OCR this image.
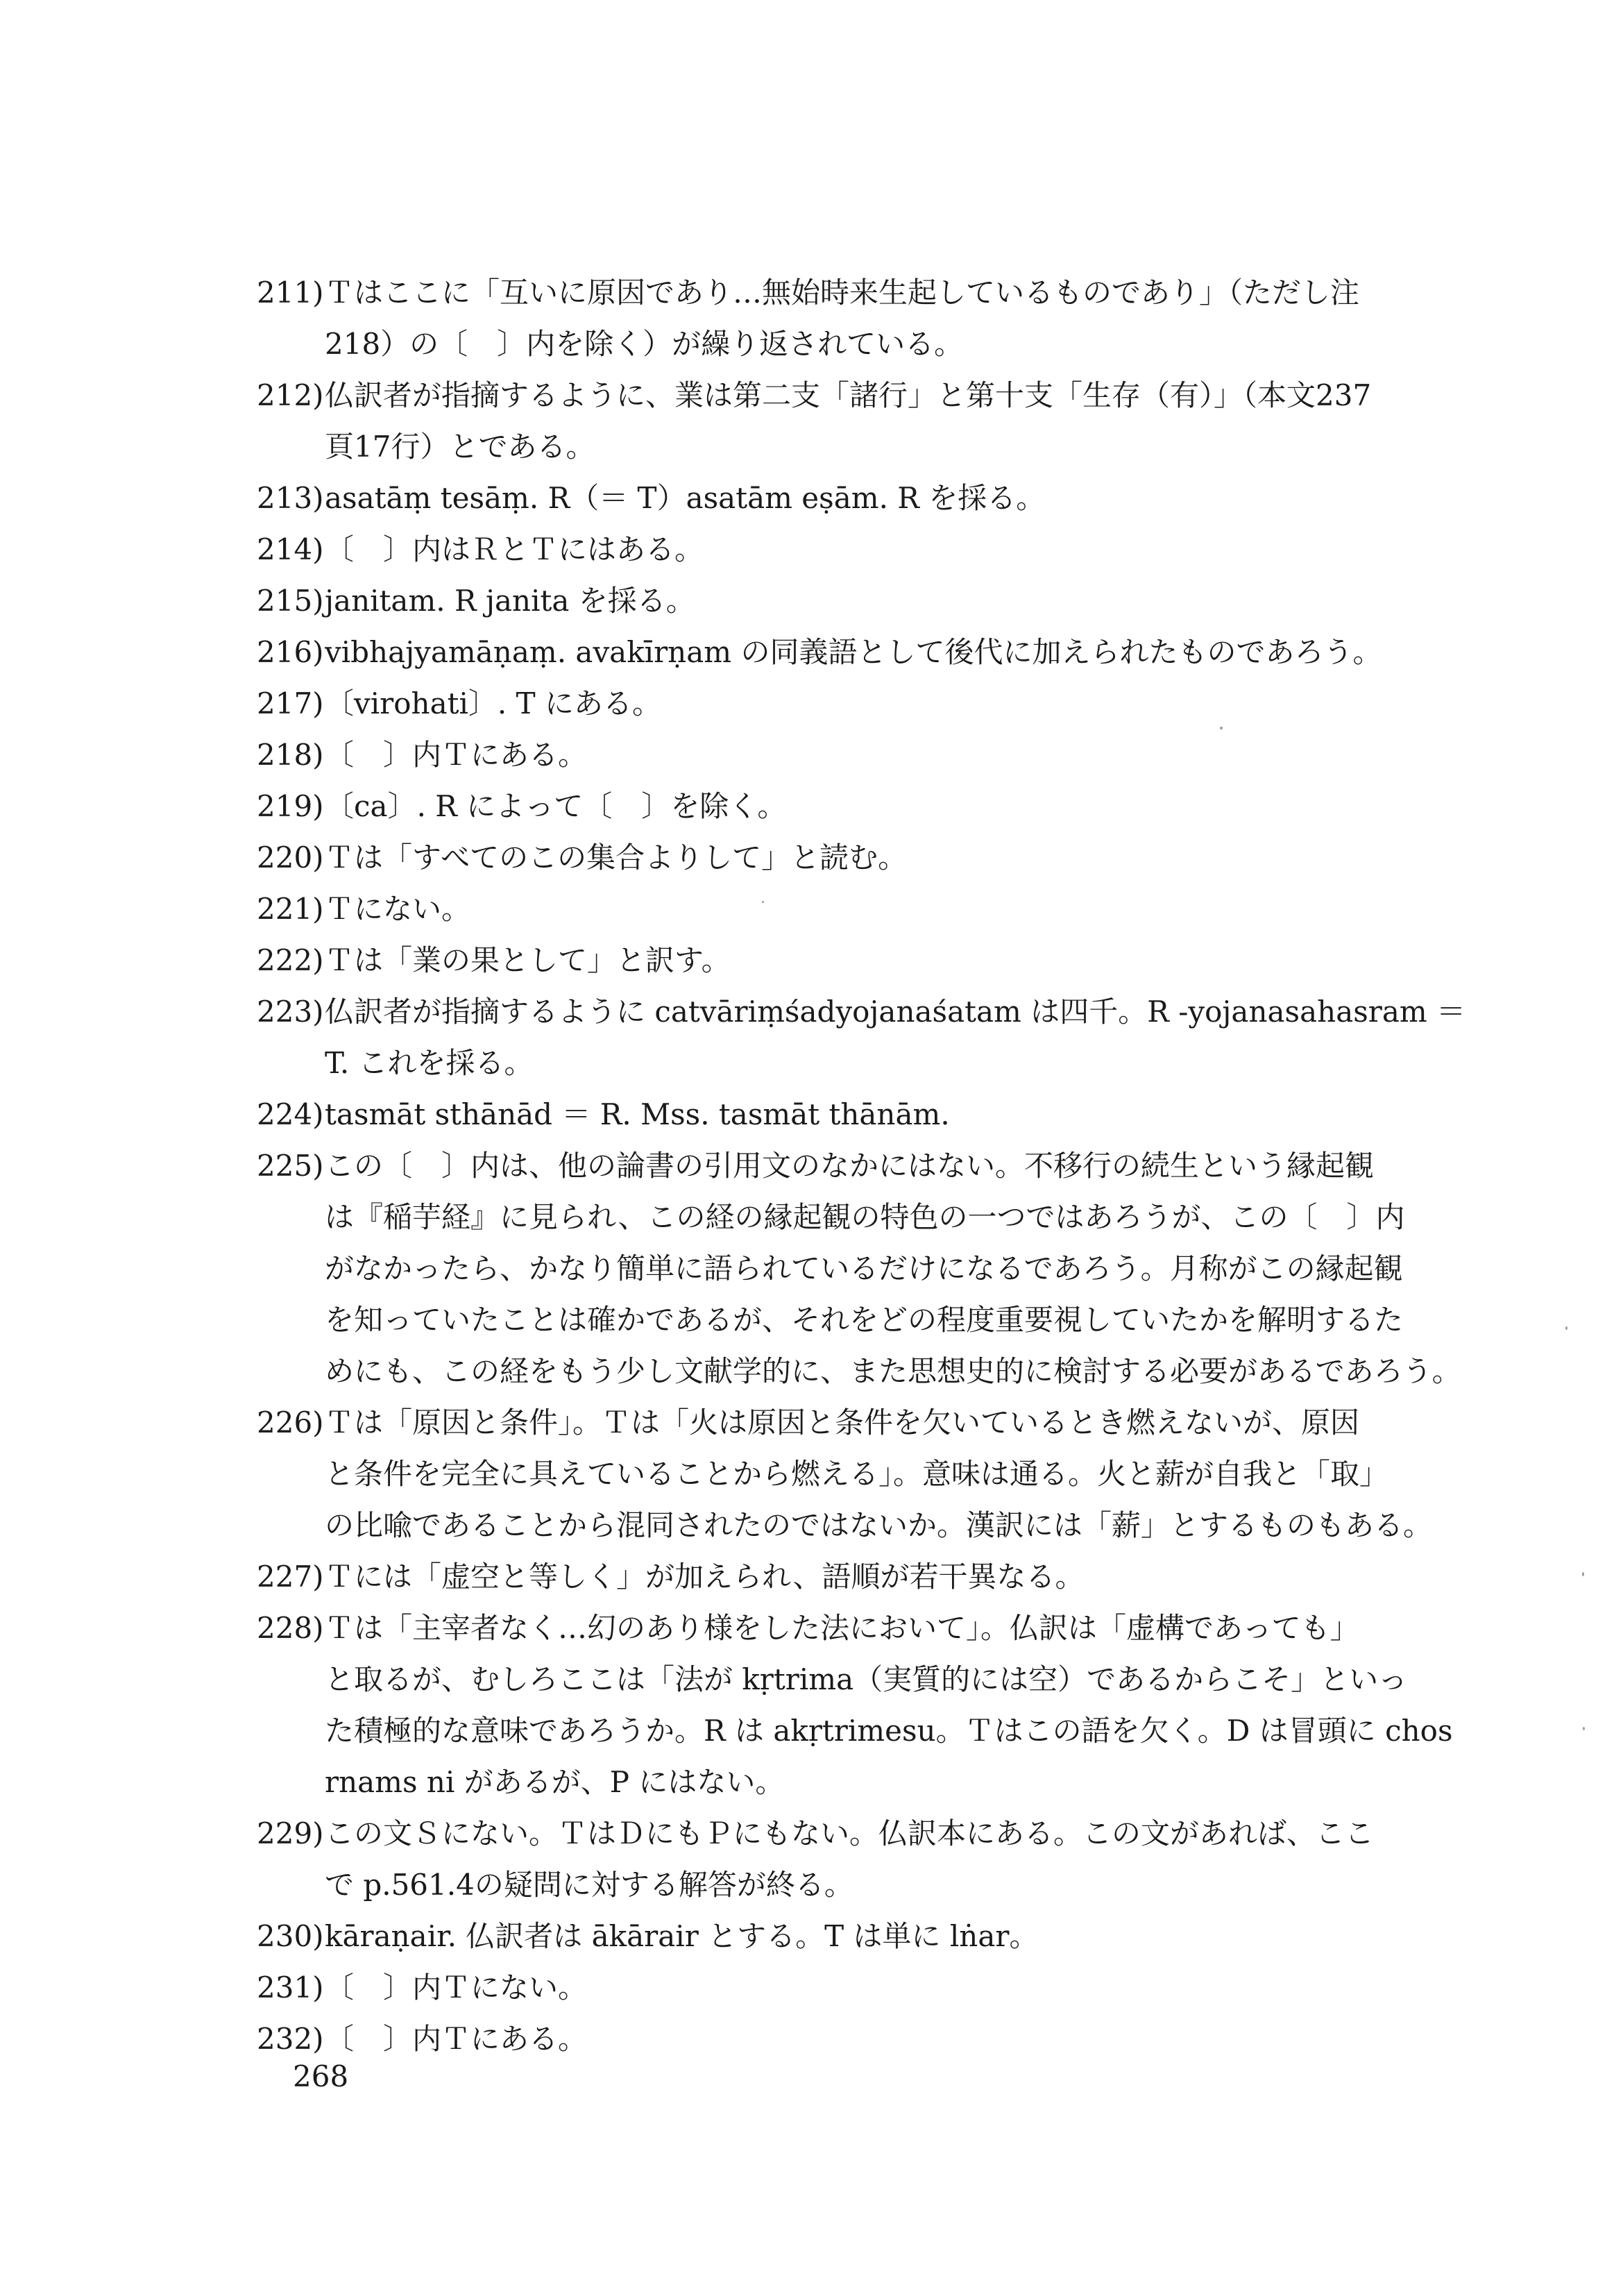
211) Ｔはここに「互いに原因であり…無始時来生起しているものであり」（ただし注
218）の〔　〕内を除く）が繰り返されている。
212) 仏訳者が指摘するように、業は第二支「諸行」と第十支「生存（有）」（本文237
頁17行）とである。
213) asatāṃ tesāṃ. R（＝ T）asatām eṣām. R を採る。
214) 〔　〕内はＲとＴにはある。
215) janitam. R janita を採る。
216) vibhajyamāṇaṃ. avakīrṇam の同義語として後代に加えられたものであろう。
217) 〔virohati〕. T にある。
218) 〔　〕内Ｔにある。
219) 〔ca〕. R によって〔　〕を除く。
220) Ｔは「すべてのこの集合よりして」と読む。
221) Ｔにない。
222) Ｔは「業の果として」と訳す。
223) 仏訳者が指摘するように catvāriṃśadyojanaśatam は四千。R -yojanasahasram ＝
T. これを採る。
224) tasmāt sthānād ＝ R. Mss. tasmāt thānām.
225) この〔　〕内は、他の論書の引用文のなかにはない。不移行の続生という縁起観
は『稲芋経』に見られ、この経の縁起観の特色の一つではあろうが、この〔　〕内
がなかったら、かなり簡単に語られているだけになるであろう。月称がこの縁起観
を知っていたことは確かであるが、それをどの程度重要視していたかを解明するた
めにも、この経をもう少し文献学的に、また思想史的に検討する必要があるであろう。
226) Ｔは「原因と条件」。Ｔは「火は原因と条件を欠いているとき燃えないが、原因
と条件を完全に具えていることから燃える」。意味は通る。火と薪が自我と「取」
の比喩であることから混同されたのではないか。漢訳には「薪」とするものもある。
227) Ｔには「虚空と等しく」が加えられ、語順が若干異なる。
228) Ｔは「主宰者なく…幻のあり様をした法において」。仏訳は「虚構であっても」
と取るが、むしろここは「法が kṛtrima（実質的には空）であるからこそ」といっ
た積極的な意味であろうか。R は akṛtrimesu。Ｔはこの語を欠く。D は冒頭に chos
rnams ni があるが、P にはない。
229) この文Ｓにない。ＴはＤにもＰにもない。仏訳本にある。この文があれば、ここ
で p.561.4の疑問に対する解答が終る。
230) kāraṇair. 仏訳者は ākārair とする。T は単に lṅar。
231) 〔　〕内Ｔにない。
232) 〔　〕内Ｔにある。
268
